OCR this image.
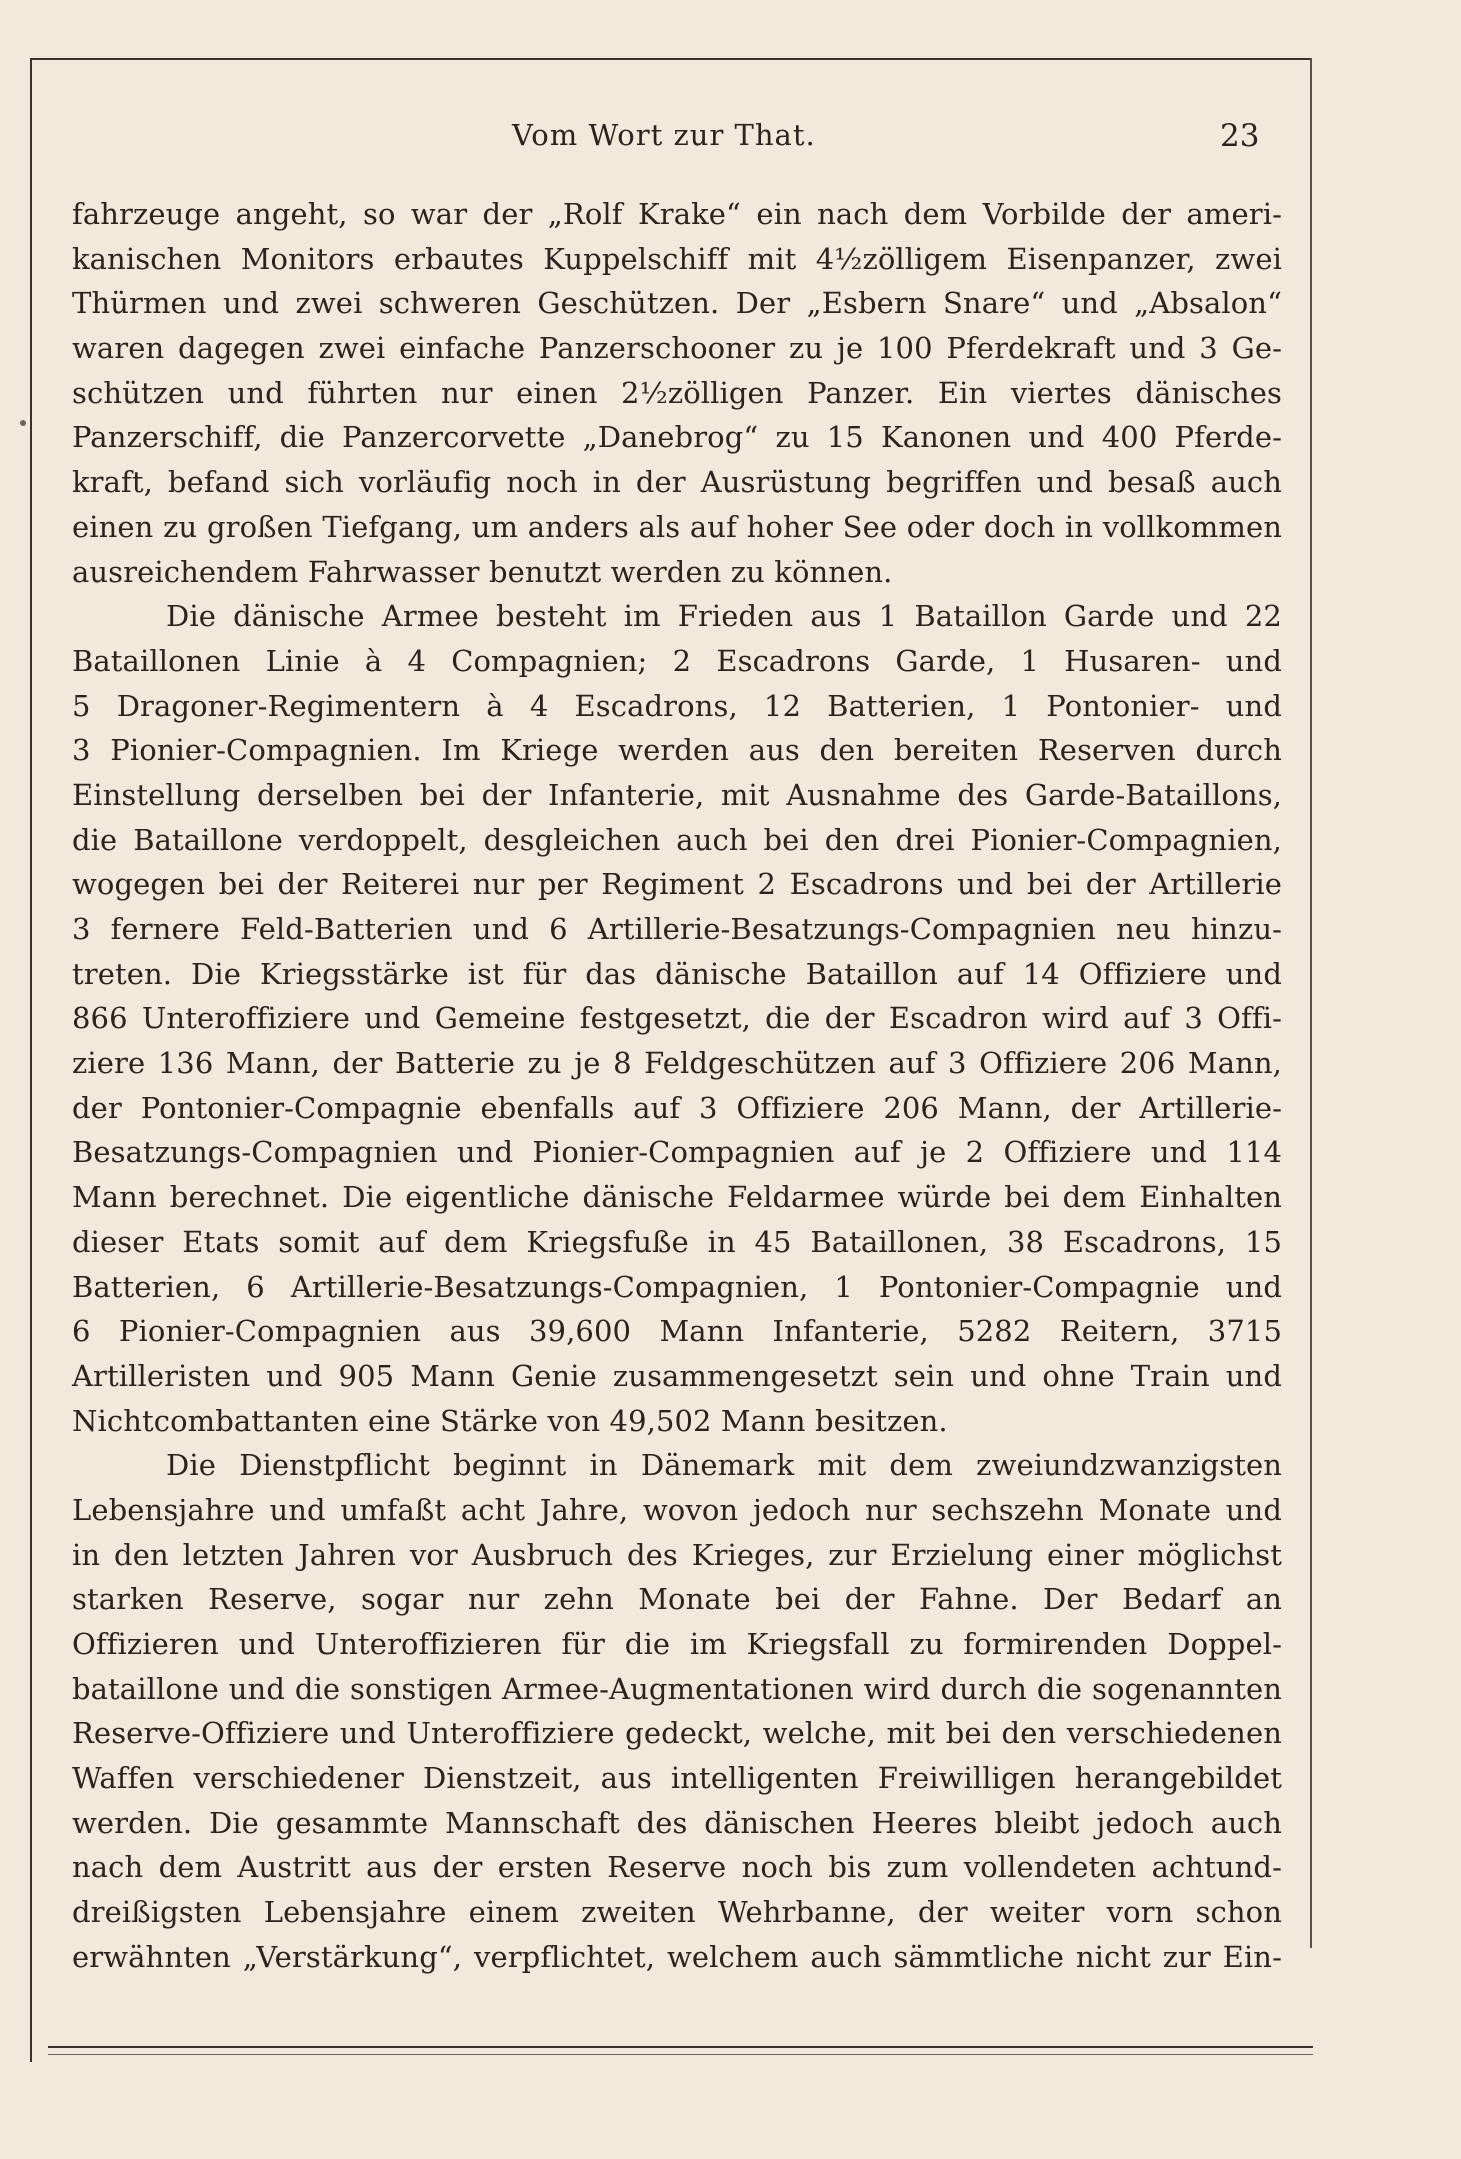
Vom Wort zur That.	23
fahrzeuge angeht, so war der „Rolf Krake“ ein nach dem Vorbilde der ameri-
kanischen Monitors erbautes Kuppelschiff mit 4½zölligem Eisenpanzer, zwei
Thürmen und zwei schweren Geschützen. Der „Esbern Snare“ und „Absalon“
waren dagegen zwei einfache Panzerschooner zu je 100 Pferdekraft und 3 Ge-
schützen und führten nur einen 2½zölligen Panzer. Ein viertes dänisches
Panzerschiff, die Panzercorvette „Danebrog“ zu 15 Kanonen und 400 Pferde-
kraft, befand sich vorläufig noch in der Ausrüstung begriffen und besaß auch
einen zu großen Tiefgang, um anders als auf hoher See oder doch in vollkommen
ausreichendem Fahrwasser benutzt werden zu können.
Die dänische Armee besteht im Frieden aus 1 Bataillon Garde und 22
Bataillonen Linie à 4 Compagnien; 2 Escadrons Garde, 1 Husaren- und
5 Dragoner-Regimentern à 4 Escadrons, 12 Batterien, 1 Pontonier- und
3 Pionier-Compagnien. Im Kriege werden aus den bereiten Reserven durch
Einstellung derselben bei der Infanterie, mit Ausnahme des Garde-Bataillons,
die Bataillone verdoppelt, desgleichen auch bei den drei Pionier-Compagnien,
wogegen bei der Reiterei nur per Regiment 2 Escadrons und bei der Artillerie
3 fernere Feld-Batterien und 6 Artillerie-Besatzungs-Compagnien neu hinzu-
treten. Die Kriegsstärke ist für das dänische Bataillon auf 14 Offiziere und
866 Unteroffiziere und Gemeine festgesetzt, die der Escadron wird auf 3 Offi-
ziere 136 Mann, der Batterie zu je 8 Feldgeschützen auf 3 Offiziere 206 Mann,
der Pontonier-Compagnie ebenfalls auf 3 Offiziere 206 Mann, der Artillerie-
Besatzungs-Compagnien und Pionier-Compagnien auf je 2 Offiziere und 114
Mann berechnet. Die eigentliche dänische Feldarmee würde bei dem Einhalten
dieser Etats somit auf dem Kriegsfuße in 45 Bataillonen, 38 Escadrons, 15
Batterien, 6 Artillerie-Besatzungs-Compagnien, 1 Pontonier-Compagnie und
6 Pionier-Compagnien aus 39,600 Mann Infanterie, 5282 Reitern, 3715
Artilleristen und 905 Mann Genie zusammengesetzt sein und ohne Train und
Nichtcombattanten eine Stärke von 49,502 Mann besitzen.
Die Dienstpflicht beginnt in Dänemark mit dem zweiundzwanzigsten
Lebensjahre und umfaßt acht Jahre, wovon jedoch nur sechszehn Monate und
in den letzten Jahren vor Ausbruch des Krieges, zur Erzielung einer möglichst
starken Reserve, sogar nur zehn Monate bei der Fahne. Der Bedarf an
Offizieren und Unteroffizieren für die im Kriegsfall zu formirenden Doppel-
bataillone und die sonstigen Armee-Augmentationen wird durch die sogenannten
Reserve-Offiziere und Unteroffiziere gedeckt, welche, mit bei den verschiedenen
Waffen verschiedener Dienstzeit, aus intelligenten Freiwilligen herangebildet
werden. Die gesammte Mannschaft des dänischen Heeres bleibt jedoch auch
nach dem Austritt aus der ersten Reserve noch bis zum vollendeten achtund-
dreißigsten Lebensjahre einem zweiten Wehrbanne, der weiter vorn schon
erwähnten „Verstärkung“, verpflichtet, welchem auch sämmtliche nicht zur Ein-
